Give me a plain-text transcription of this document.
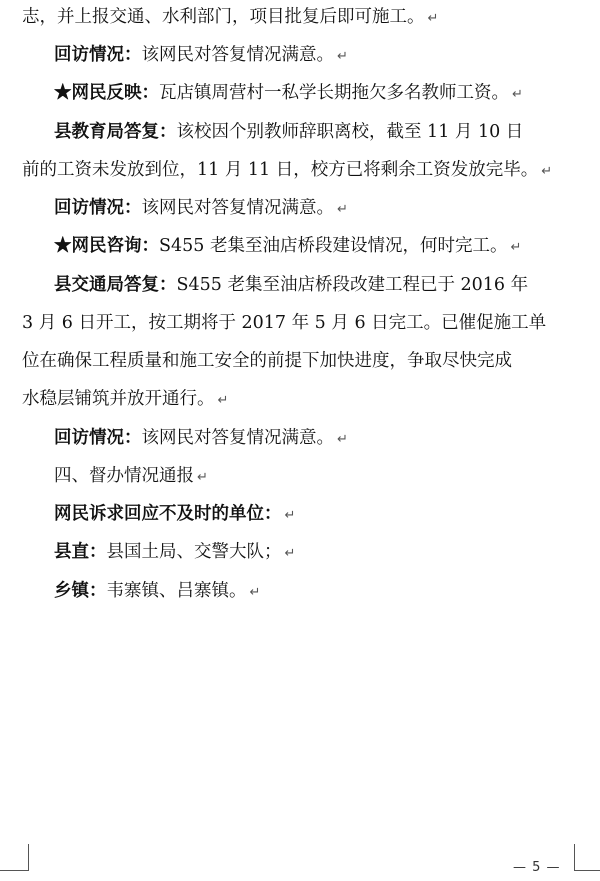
志，并上报交通、水利部门，项目批复后即可施工。 ↵
回访情况：该网民对答复情况满意。 ↵
★网民反映：瓦店镇周营村一私学长期拖欠多名教师工资。 ↵
县教育局答复：该校因个别教师辞职离校，截至 11 月 10 日
前的工资未发放到位，11 月 11 日，校方已将剩余工资发放完毕。 ↵
回访情况：该网民对答复情况满意。 ↵
★网民咨询：S455 老集至油店桥段建设情况，何时完工。 ↵
县交通局答复：S455 老集至油店桥段改建工程已于 2016 年
3 月 6 日开工，按工期将于 2017 年 5 月 6 日完工。已催促施工单
位在确保工程质量和施工安全的前提下加快进度，争取尽快完成
水稳层铺筑并放开通行。 ↵
回访情况：该网民对答复情况满意。 ↵
四、督办情况通报 ↵
网民诉求回应不及时的单位： ↵
县直：县国土局、交警大队； ↵
乡镇：韦寨镇、吕寨镇。 ↵
— 5 —
